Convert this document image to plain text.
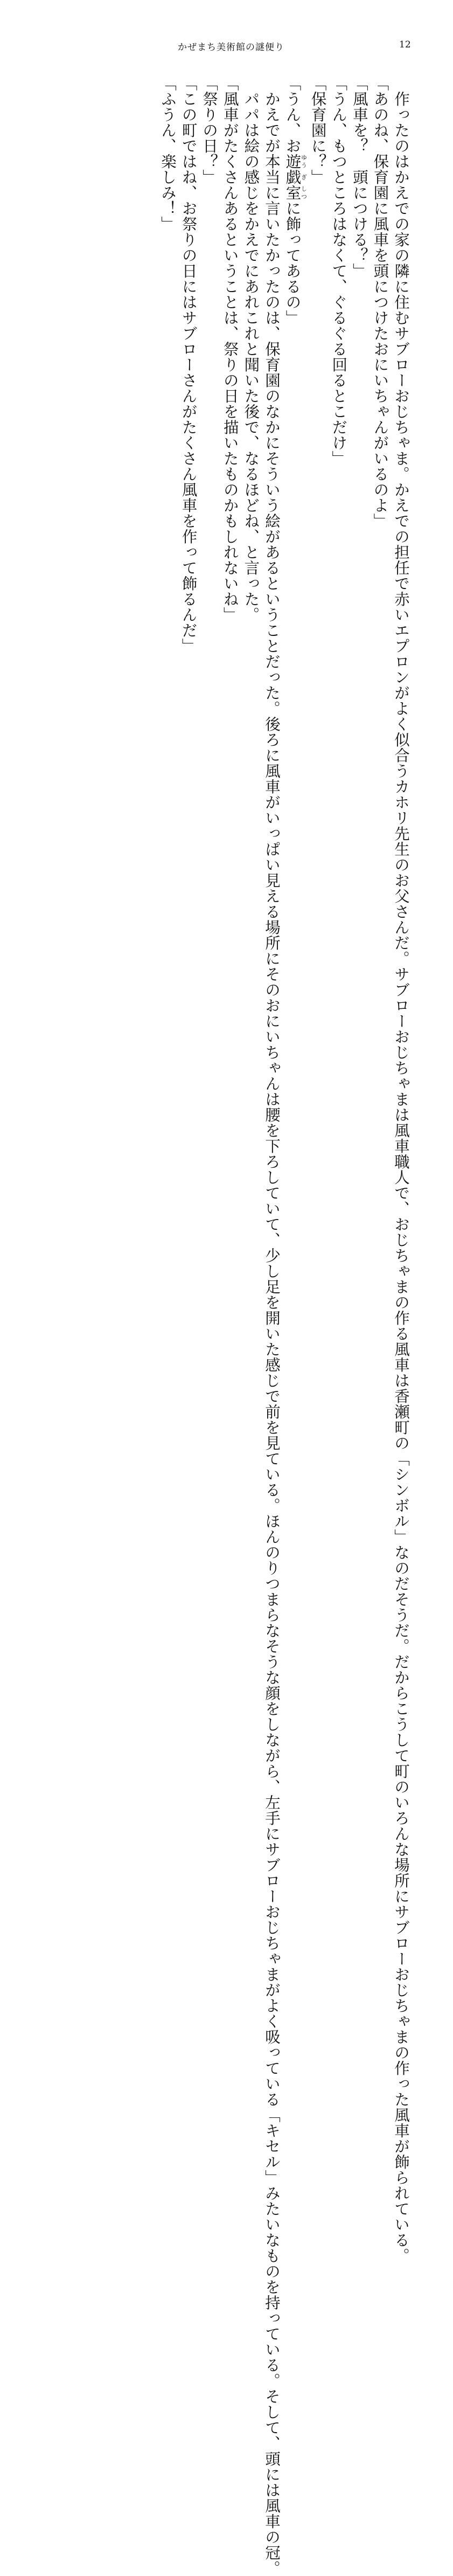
かぜまち美術館の謎便り	12

作ったのはかえでの家の隣に住むサブローおじちゃま。かえでの担任で赤いエプロンがよく似合うカホリ先生のお父さんだ。サブローおじちゃまは風車職人で、おじちゃまの作る風車は香瀬町の「シンボル」なのだそうだ。だからこうして町のいろんな場所にサブローおじちゃまの作った風車が飾られている。

「あのね、保育園に風車を頭につけたおにいちゃんがいるのよ」

「風車を？　頭につける？」

「うん、もつところはなくて、ぐるぐる回るとこだけ」

「保育園に？」

「うん、お遊ゆう戯ぎ室しつに飾ってあるの」

かえでが本当に言いたかったのは、保育園のなかにそういう絵があるということだった。後ろに風車がいっぱい見える場所にそのおにいちゃんは腰を下ろしていて、少し足を開いた感じで前を見ている。ほんのりつまらなそうな顔をしながら、左手にサブローおじちゃまがよく吸っている「キセル」みたいなものを持っている。そして、頭には風車の冠。

パパは絵の感じをかえでにあれこれと聞いた後で、なるほどね、と言った。

「風車がたくさんあるということは、祭りの日を描いたものかもしれないね」

「祭りの日？」

「この町ではね、お祭りの日にはサブローさんがたくさん風車を作って飾るんだ」

「ふうん、楽しみ！」
